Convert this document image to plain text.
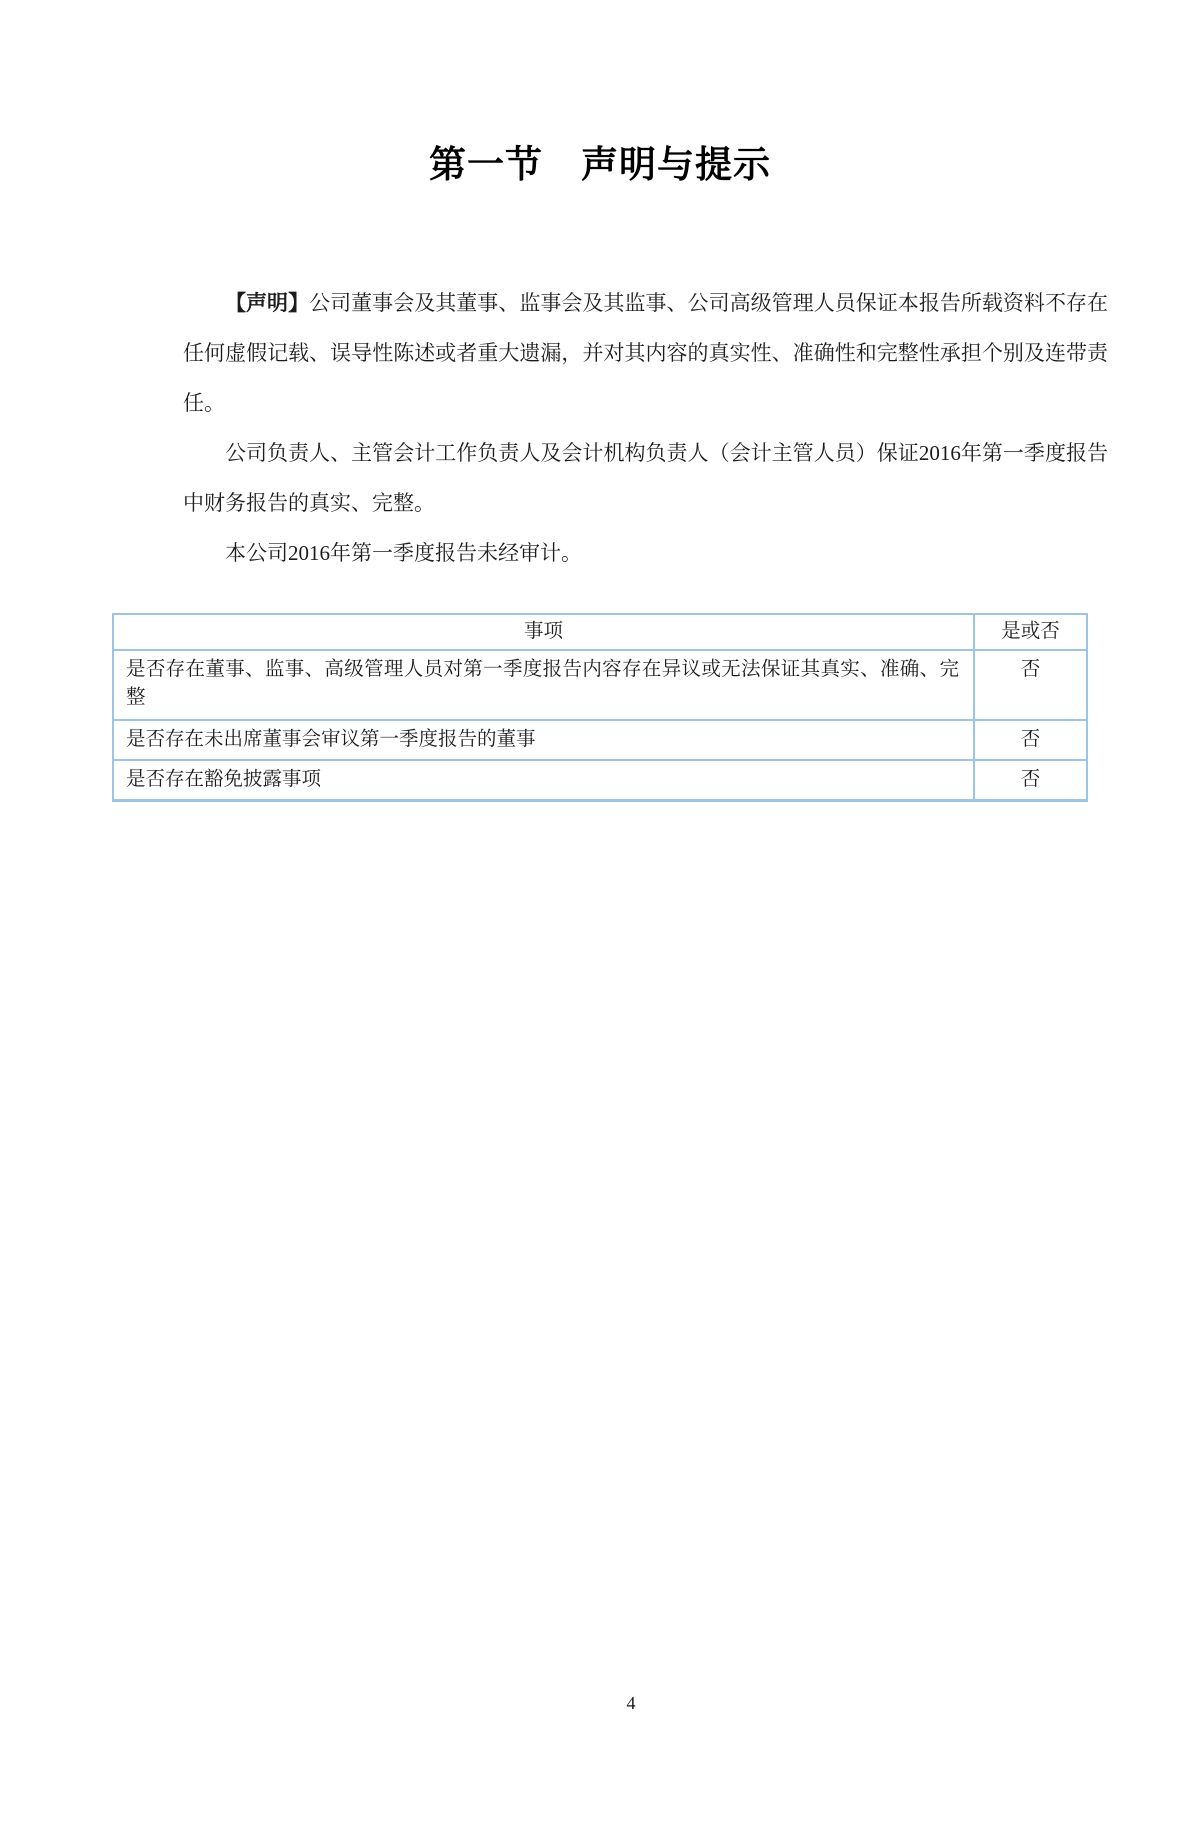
第一节　声明与提示

【声明】公司董事会及其董事、监事会及其监事、公司高级管理人员保证本报告所载资料不存在任何虚假记载、误导性陈述或者重大遗漏，并对其内容的真实性、准确性和完整性承担个别及连带责任。

公司负责人、主管会计工作负责人及会计机构负责人（会计主管人员）保证2016年第一季度报告中财务报告的真实、完整。

本公司2016年第一季度报告未经审计。

事项	是或否
是否存在董事、监事、高级管理人员对第一季度报告内容存在异议或无法保证其真实、准确、完整	否
是否存在未出席董事会审议第一季度报告的董事	否
是否存在豁免披露事项	否
4
